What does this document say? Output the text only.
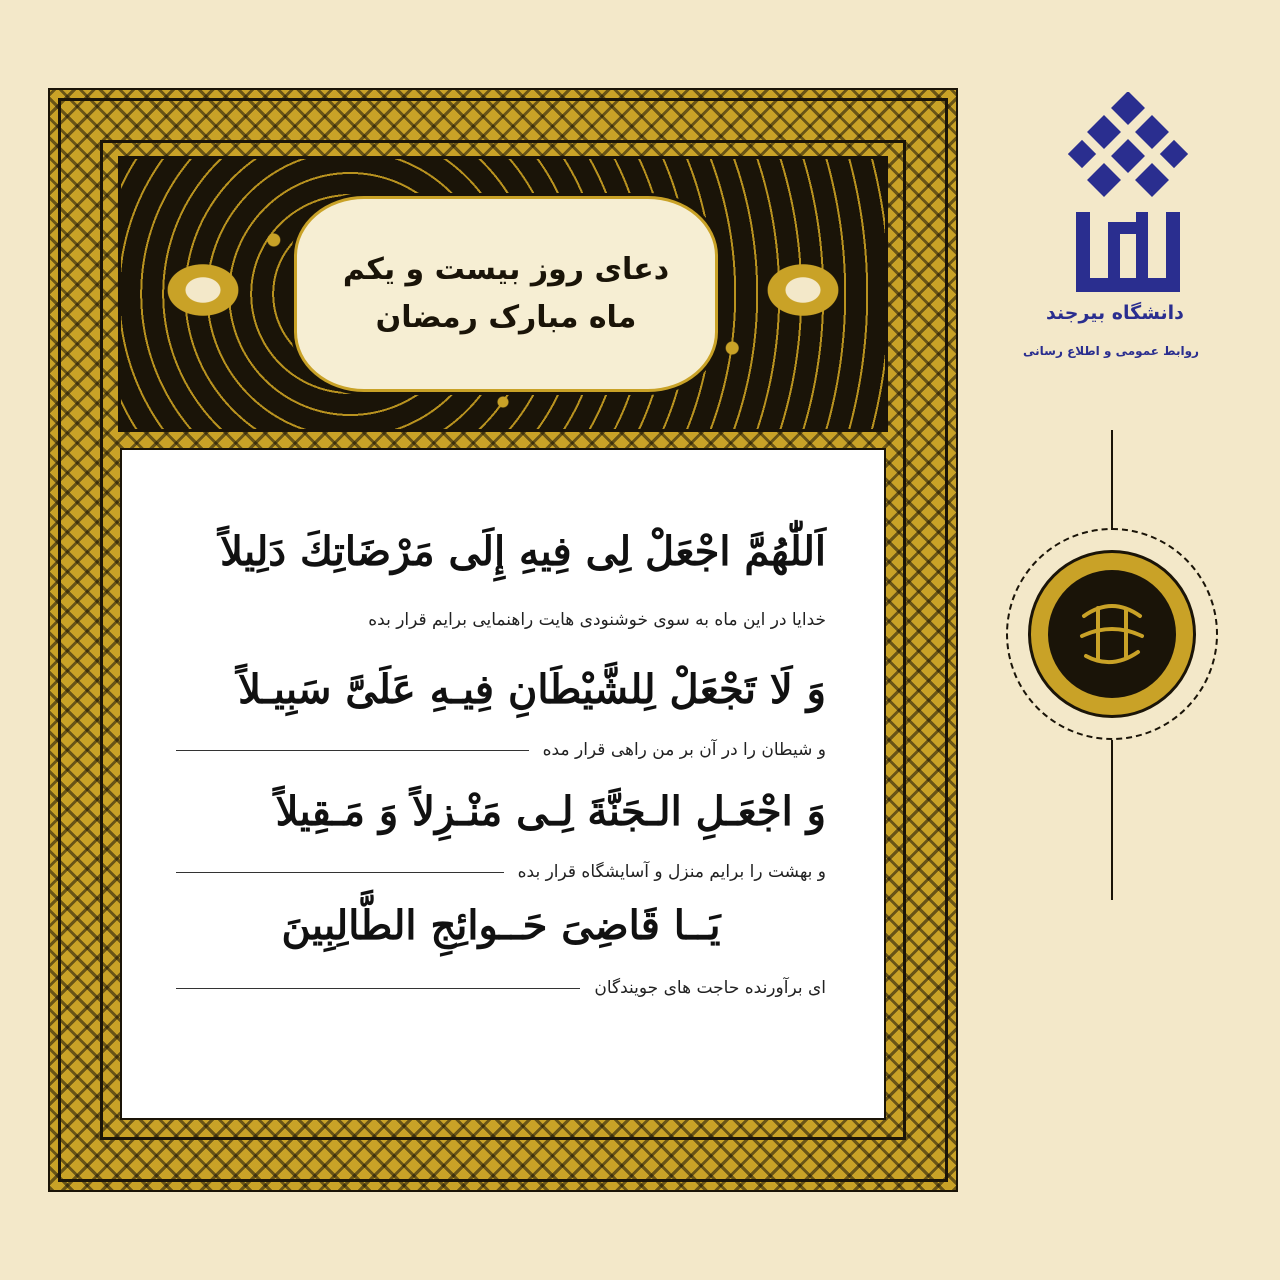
دعای روز بیست و یکم
ماه مبارک رمضان
اَللّٰهُمَّ اجْعَلْ لِی فِیهِ إِلَی مَرْضَاتِكَ دَلِیلاً
خدایا در این ماه به سوی خوشنودی هایت راهنمایی برایم قرار بده
وَ لَا تَجْعَلْ لِلشَّیْطَانِ فِیـهِ عَلَیَّ سَبِیـلاً
و شیطان را در آن بر من راهی قرار مده
وَ اجْعَـلِ الـجَنَّةَ لِـی مَنْـزِلاً وَ مَـقِیلاً
و بهشت را برایم منزل و آسایشگاه قرار بده
یَــا قَاضِیَ حَــوائِجِ الطَّالِبِینَ
ای برآورنده حاجت های جویندگان
دانشگاه بیرجند
روابط عمومی و اطلاع رسانی
